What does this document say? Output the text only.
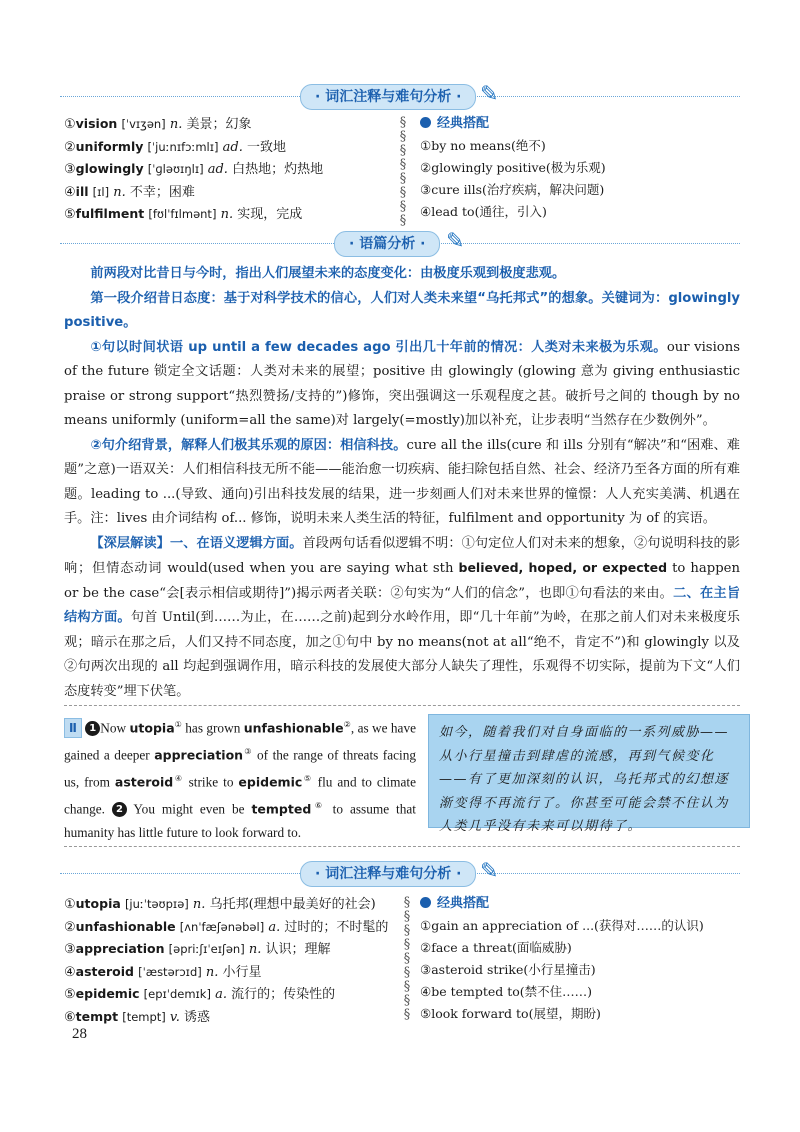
· 词汇注释与难句分析 · ✎
①vision [ˈvɪʒən] n. 美景；幻象
②uniformly [ˈjuːnɪfɔːmlɪ] ad. 一致地
③glowingly [ˈɡləʊɪŋlɪ] ad. 白热地；灼热地
④ill [ɪl] n. 不幸；困难
⑤fulfilment [fʊlˈfɪlmənt] n. 实现，完成
§
§
§
§
§
§
§
§
经典搭配
①by no means(绝不)
②glowingly positive(极为乐观)
③cure ills(治疗疾病，解决问题)
④lead to(通往，引入)
· 语篇分析 · ✎

前两段对比昔日与今时，指出人们展望未来的态度变化：由极度乐观到极度悲观。

第一段介绍昔日态度：基于对科学技术的信心，人们对人类未来望“乌托邦式”的想象。关键词为：glowingly positive。

①句以时间状语 up until a few decades ago 引出几十年前的情况：人类对未来极为乐观。our visions of the future 锁定全文话题：人类对未来的展望；positive 由 glowingly (glowing 意为 giving enthusiastic praise or strong support“热烈赞扬/支持的”)修饰，突出强调这一乐观程度之甚。破折号之间的 though by no means uniformly (uniform=all the same)对 largely(=mostly)加以补充，让步表明“当然存在少数例外”。

②句介绍背景，解释人们极其乐观的原因：相信科技。cure all the ills(cure 和 ills 分别有“解决”和“困难、难题”之意)一语双关：人们相信科技无所不能——能治愈一切疾病、能扫除包括自然、社会、经济乃至各方面的所有难题。leading to ...(导致、通向)引出科技发展的结果，进一步刻画人们对未来世界的憧憬：人人充实美满、机遇在手。注：lives 由介词结构 of... 修饰，说明未来人类生活的特征，fulfilment and opportunity 为 of 的宾语。

【深层解读】一、在语义逻辑方面。首段两句话看似逻辑不明：①句定位人们对未来的想象，②句说明科技的影响；但情态动词 would(used when you are saying what sth believed, hoped, or expected to happen or be the case“会[表示相信或期待]”)揭示两者关联：②句实为“人们的信念”，也即①句看法的来由。二、在主旨结构方面。句首 Until(到……为止，在……之前)起到分水岭作用，即“几十年前”为岭，在那之前人们对未来极度乐观；暗示在那之后，人们又持不同态度，加之①句中 by no means(not at all“绝不，肯定不”)和 glowingly 以及②句两次出现的 all 均起到强调作用，暗示科技的发展使大部分人缺失了理性，乐观得不切实际，提前为下文“人们态度转变”埋下伏笔。

Ⅱ 1 Now utopia① has grown unfashionable②, as we have gained a deeper appreciation③ of the range of threats facing us, from asteroid④ strike to epidemic⑤ flu and to climate change. 2 You might even be tempted⑥ to assume that humanity has little future to look forward to.
如今，随着我们对自身面临的一系列威胁——从小行星撞击到肆虐的流感，再到气候变化——有了更加深刻的认识，乌托邦式的幻想逐渐变得不再流行了。你甚至可能会禁不住认为人类几乎没有未来可以期待了。
· 词汇注释与难句分析 · ✎
①utopia [juːˈtəʊpɪə] n. 乌托邦(理想中最美好的社会)
②unfashionable [ʌnˈfæʃənəbəl] a. 过时的；不时髦的
③appreciation [əpriːʃɪˈeɪʃən] n. 认识；理解
④asteroid [ˈæstərɔɪd] n. 小行星
⑤epidemic [epɪˈdemɪk] a. 流行的；传染性的
⑥tempt [tempt] v. 诱惑
§
§
§
§
§
§
§
§
§
经典搭配
①gain an appreciation of ...(获得对……的认识)
②face a threat(面临威胁)
③asteroid strike(小行星撞击)
④be tempted to(禁不住……)
⑤look forward to(展望，期盼)
28
